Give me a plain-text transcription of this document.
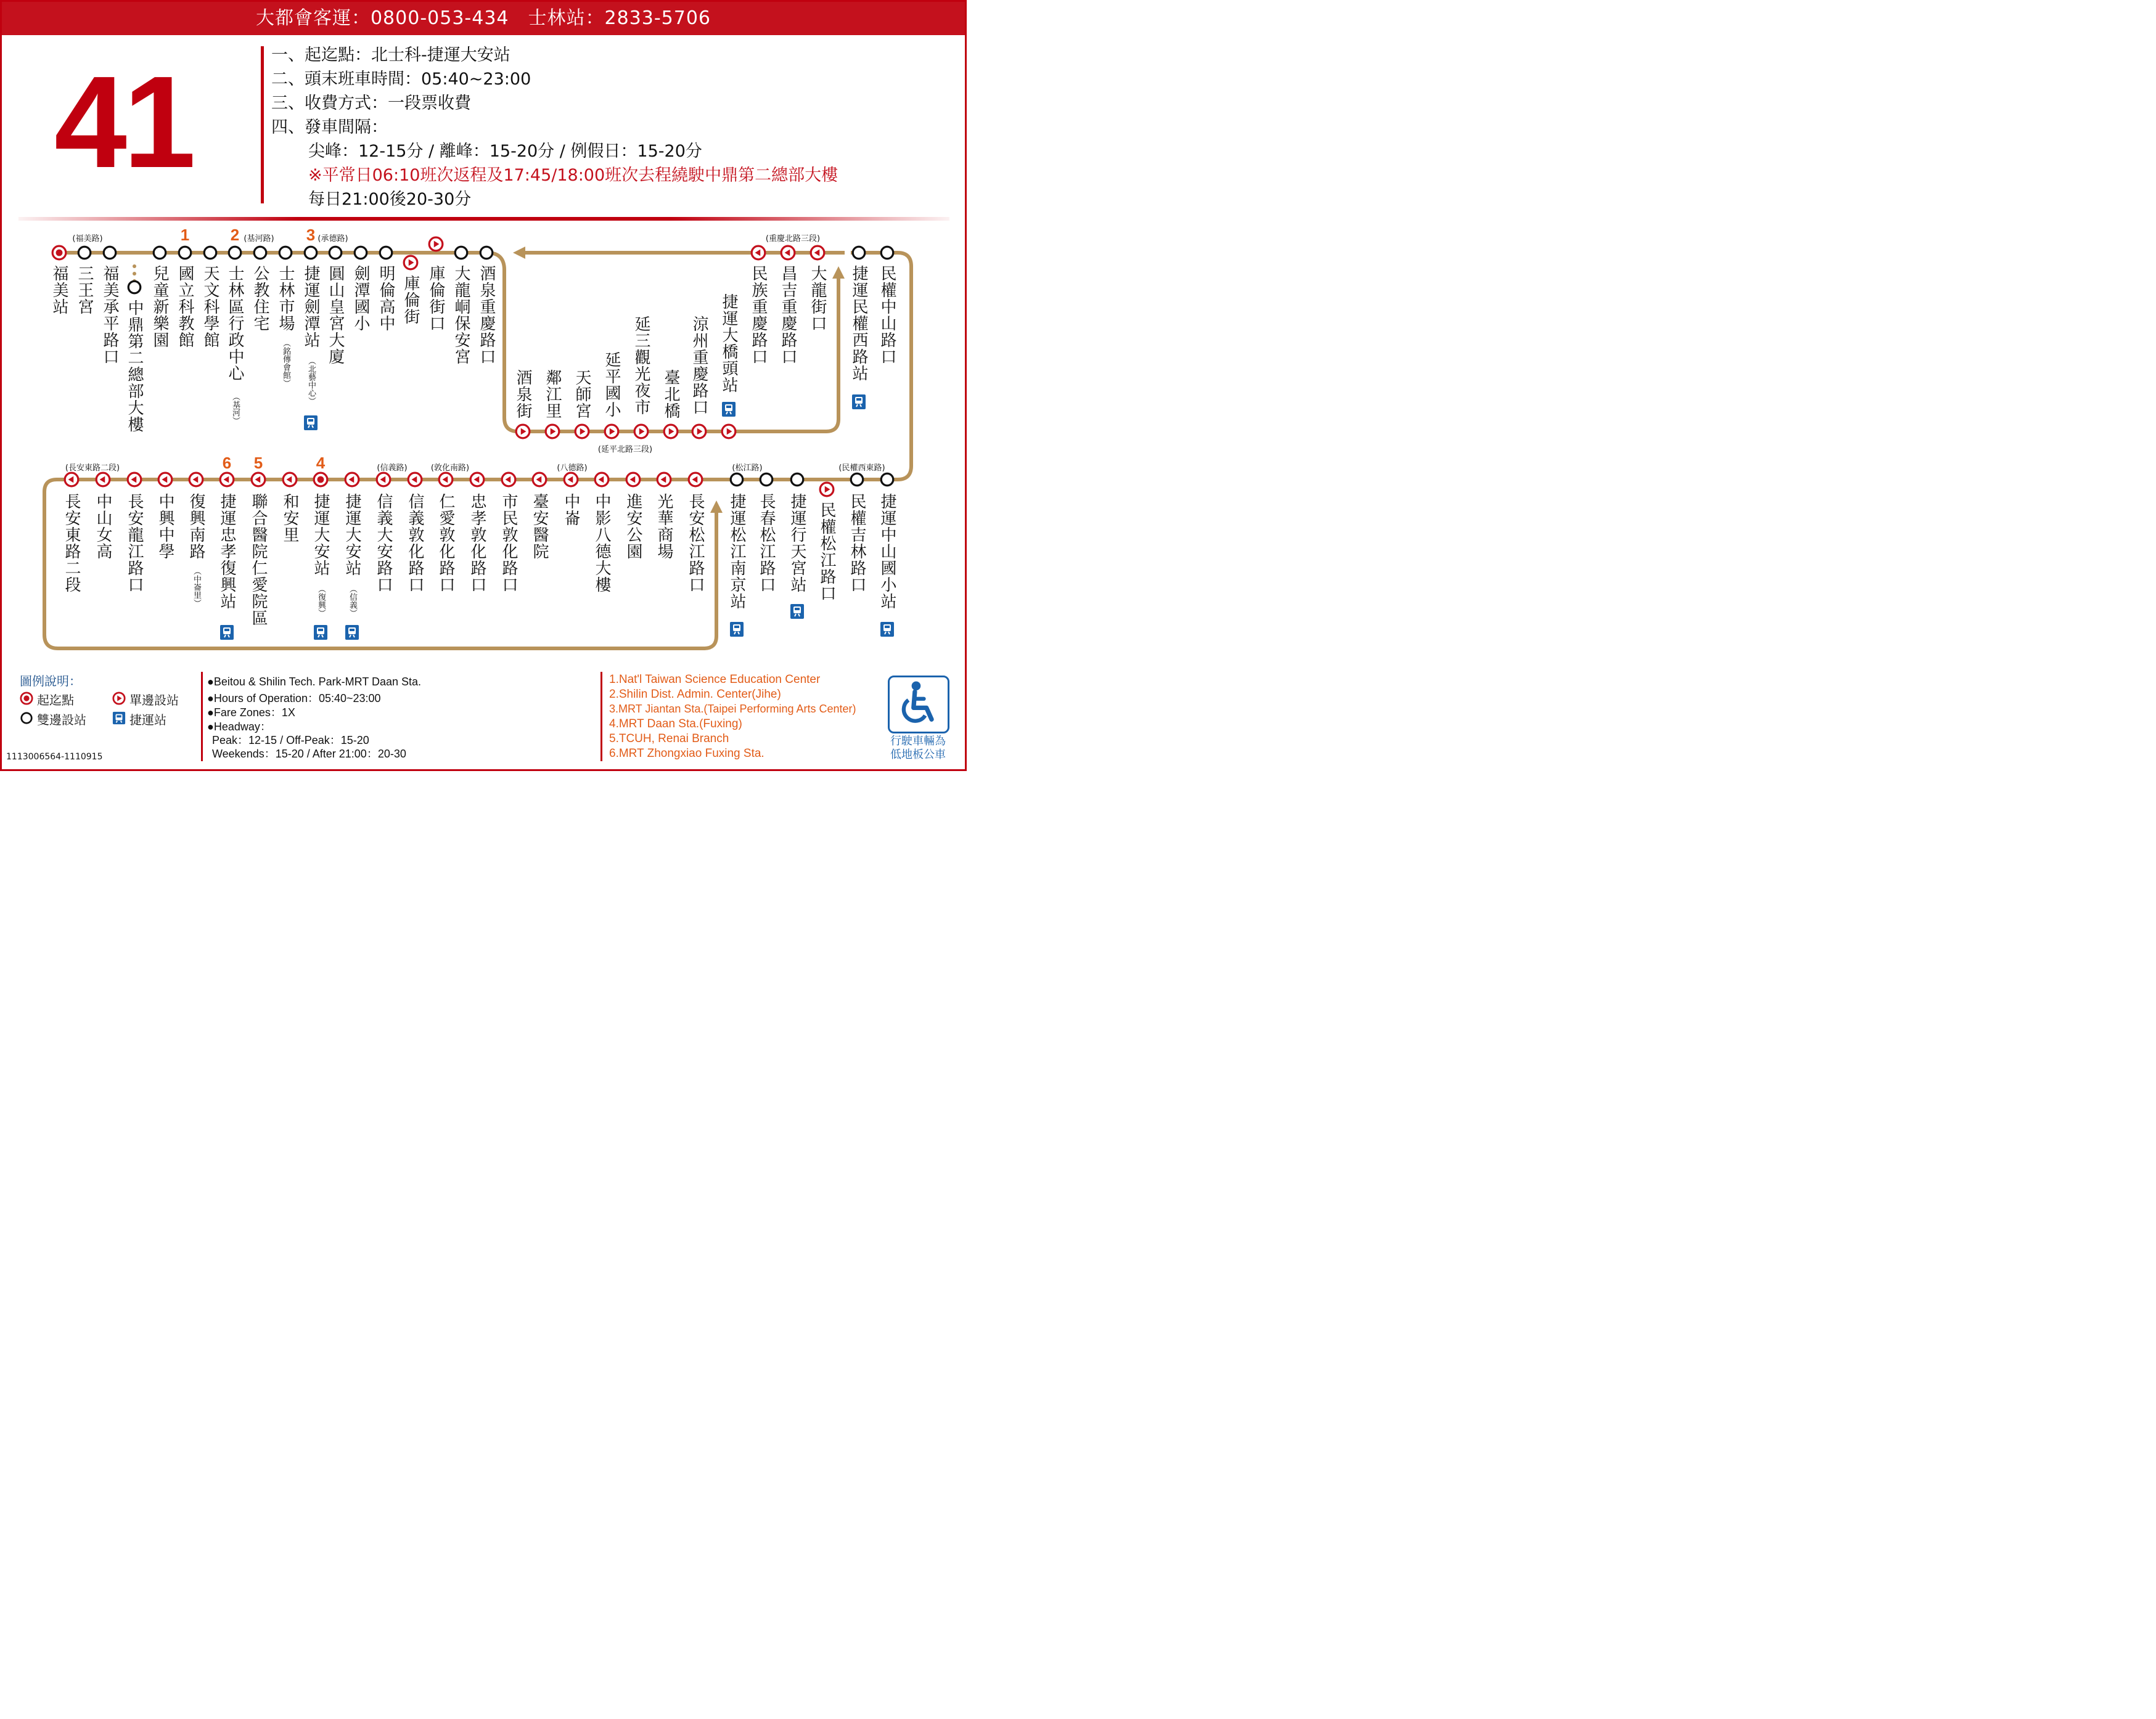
大都會客運：0800-053-434　士林站：2833-5706
41	一、起迄點：北士科-捷運大安站
二、頭末班車時間：05:40~23:00
三、收費方式：一段票收費
四、發車間隔：
尖峰：12-15分 / 離峰：15-20分 / 例假日：15-20分
※平常日06:10班次返程及17:45/18:00班次去程繞駛中鼎第二總部大樓
每日21:00後20-30分
福美站 三王宮 福美承平路口 兒童新樂園 國立科教館 天文科學館 士林區行政中心
（基河）
公教住宅 士林市場
（銘傳會館）
捷運劍潭站
（北藝中心）
圓山皇宮大廈 劍潭國小 明倫高中 庫倫街 庫倫街口 大龍峒保安宮 酒泉重慶路口
中鼎第二總部大樓	酒泉街 鄰江里 天師宮 延平國小 延三觀光夜市 臺北橋 涼州重慶路口 捷運大橋頭站 民族重慶路口 昌吉重慶路口 大龍街口 捷運民權西路站 民權中山路口
長安東路二段 中山女高 長安龍江路口 中興中學 復興南路
（中崙里） 捷運忠孝復興站 聯合醫院仁愛院區 和安里 捷運大安站
（復興）
捷運大安站
（信義）
信義大安路口 信義敦化路口 仁愛敦化路口 忠孝敦化路口 市民敦化路口 臺安醫院 中崙 中影八德大樓 進安公園 光華商場 長安松江路口 捷運松江南京站 長春松江路口 捷運行天宮站 民權松江路口 民權吉林路口 捷運中山國小站
(福美路)	(基河路)	(承德路)	(重慶北路三段)
(延平北路三段)
(長安東路二段)	(信義路)	(敦化南路)	(八德路)	(松江路)	(民權西東路)
1	2	3
4
5
6
圖例說明：
起迄點	單邊設站
雙邊設站	捷運站
1113006564-1110915
●Beitou & Shilin Tech. Park-MRT Daan Sta.
●Hours of Operation：05:40~23:00
●Fare Zones：1X
●Headway：
Peak：12-15 / Off-Peak：15-20
Weekends：15-20 / After 21:00：20-30
1.Nat'l Taiwan Science Education Center
2.Shilin Dist. Admin. Center(Jihe)
3.MRT Jiantan Sta.(Taipei Performing Arts Center)
4.MRT Daan Sta.(Fuxing)
5.TCUH, Renai Branch
6.MRT Zhongxiao Fuxing Sta.
行駛車輛為
低地板公車
